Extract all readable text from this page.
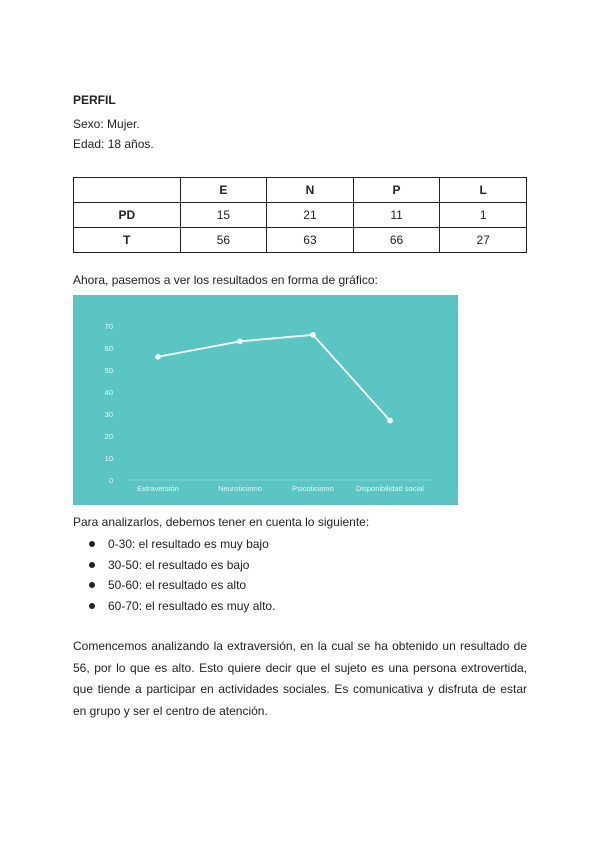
PERFIL
Sexo: Mujer.
Edad: 18 años.
	E	N	P	L
PD	15	21	11	1
T	56	63	66	27
Ahora, pasemos a ver los resultados en forma de gráfico:
0
10
20
30
40
50
60
70
Extraversión	Neuroticismo	Psicoticismo	Disponibilidad social
Para analizarlos, debemos tener en cuenta lo siguiente:
0-30: el resultado es muy bajo
30-50: el resultado es bajo
50-60: el resultado es alto
60-70: el resultado es muy alto.
Comencemos analizando la extraversión, en la cual se ha obtenido un resultado de 56, por lo que es alto. Esto quiere decir que el sujeto es una persona extrovertida, que tiende a participar en actividades sociales. Es comunicativa y disfruta de estar en grupo y ser el centro de atención.
